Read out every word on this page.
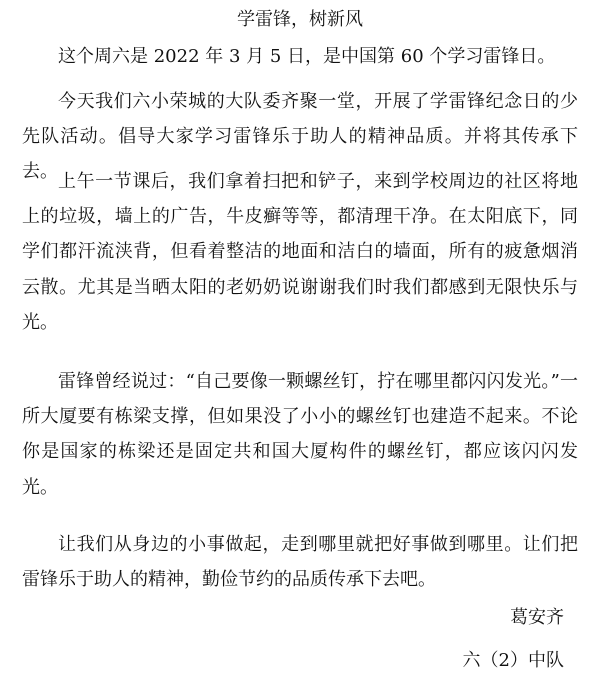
学雷锋，树新风

这个周六是 2022 年 3 月 5 日，是中国第 60 个学习雷锋日。

今天我们六小荣城的大队委齐聚一堂，开展了学雷锋纪念日的少先队活动。倡导大家学习雷锋乐于助人的精神品质。并将其传承下去。 上午一节课后，我们拿着扫把和铲子，来到学校周边的社区将地上的垃圾，墙上的广告，牛皮癣等等，都清理干净。在太阳底下，同学们都汗流浃背，但看着整洁的地面和洁白的墙面，所有的疲惫烟消云散。尤其是当晒太阳的老奶奶说谢谢我们时我们都感到无限快乐与光。

雷锋曾经说过：“自己要像一颗螺丝钉，拧在哪里都闪闪发光。”一所大厦要有栋梁支撑，但如果没了小小的螺丝钉也建造不起来。不论你是国家的栋梁还是固定共和国大厦构件的螺丝钉，都应该闪闪发光。

让我们从身边的小事做起，走到哪里就把好事做到哪里。让们把雷锋乐于助人的精神，勤俭节约的品质传承下去吧。

葛安齐
六（2）中队
